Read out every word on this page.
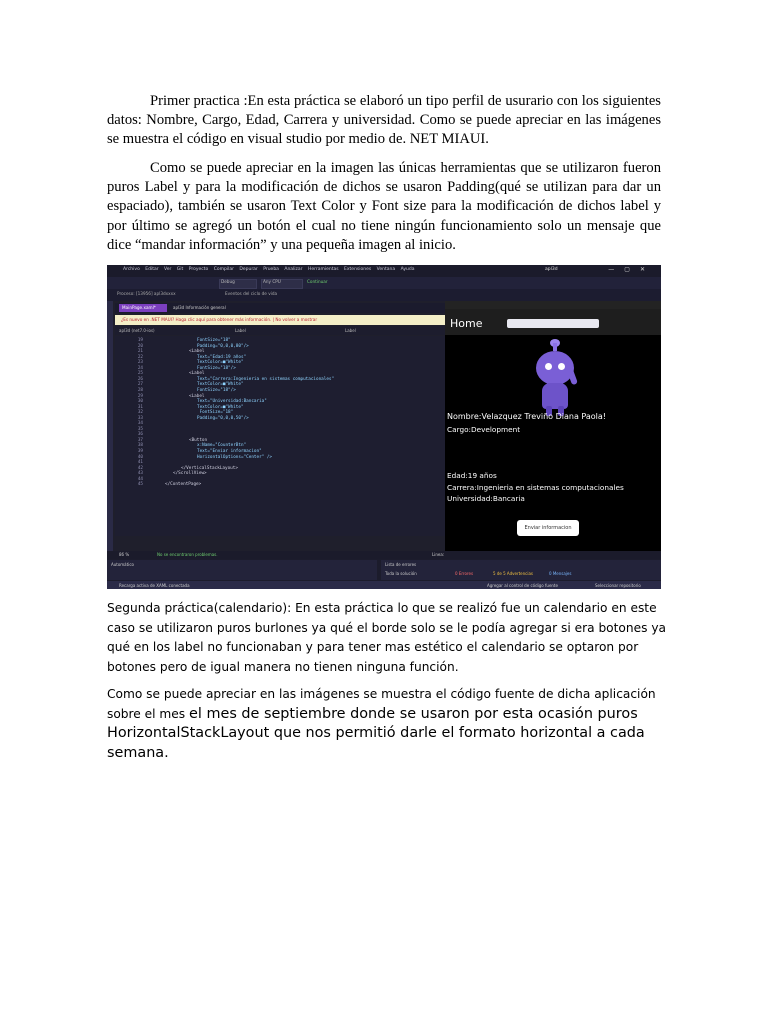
Primer practica :En esta práctica se elaboró un tipo perfil de usurario con los siguientes datos: Nombre, Cargo, Edad, Carrera y universidad. Como se puede apreciar en las imágenes se muestra el código en visual studio por medio de. NET MIAUI.

Como se puede apreciar en la imagen las únicas herramientas que se utilizaron fueron puros Label y para la modificación de dichos se usaron Padding(qué se utilizan para dar un espaciado), también se usaron Text Color y Font size para la modificación de dichos label y por último se agregó un botón el cual no tiene ningún funcionamiento solo un mensaje que dice “mandar información” y una pequeña imagen al inicio.

Archivo Editar Ver Git Proyecto Compilar Depurar Prueba Analizar Herramientas Extensiones Ventana Ayuda	apl3d	—▢✕
Debug	Any CPU	Continuar
Proceso: [13956] apl3dxxxx	Eventos del ciclo de vida
MainPage.xaml*	apl3d Información general
¿Es nuevo en .NET MAUI? Haga clic aquí para obtener más información. | No volver a mostrar
apl3d (net7.0-ios)	Label	Label
19	FontSize="18"
20	Padding="0,0,0,80"/>
21	<Label
22	Text="Edad:19 años"
23	TextColor=■"White"
24	FontSize="18"/>
25	<Label
26	Text="Carrera:Ingenieria en sistemas computacionales"
27	TextColor=■"White"
28	FontSize="18"/>
29	<Label
30	Text="Universidad:Bancaria"
31	TextColor=■"White"
32	FontSize="18"
33	Padding="0,0,0,50"/>
34
35
36
37	<Button
38	x:Name="CounterBtn"
39	Text="Enviar informacion"
40	HorizontalOptions="Center" />
41
42	</VerticalStackLayout>
43	</ScrollView>
44
45	</ContentPage>
Home
Nombre:Velazquez Treviño Diana Paola!
Cargo:Development
Edad:19 años
Carrera:Ingenieria en sistemas computacionales
Universidad:Bancaria
Enviar informacion
86 %	No se encontraron problemas.	Linea:
Automático	Lista de errores
Toda la solución	0 Errores	5 de 5 Advertencias	0 Mensajes
Recarga activa de XAML conectada	Agregar al control de código fuente	Seleccionar repositorio

Segunda práctica(calendario): En esta práctica lo que se realizó fue un calendario en este caso se utilizaron puros burlones ya qué el borde solo se le podía agregar si era botones ya qué en los label no funcionaban y para tener mas estético el calendario se optaron por botones pero de igual manera no tienen ninguna función.

Como se puede apreciar en las imágenes se muestra el código fuente de dicha aplicación sobre el mes el mes de septiembre donde se usaron por esta ocasión puros HorizontalStackLayout que nos permitió darle el formato horizontal a cada semana.
